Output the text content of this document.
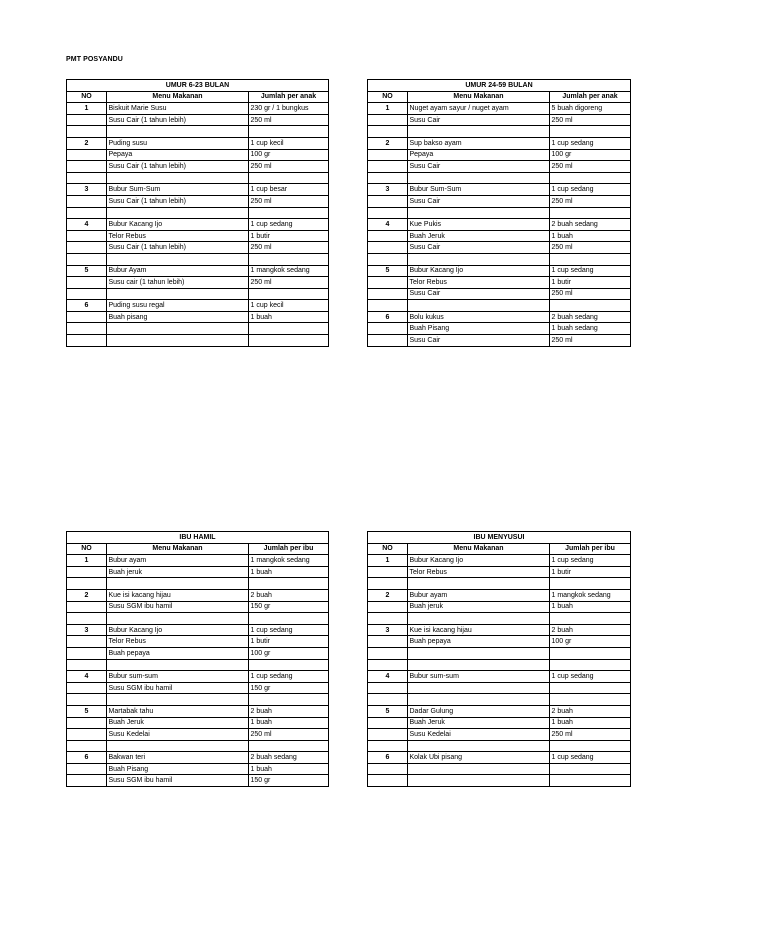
PMT POSYANDU
UMUR 6-23 BULAN		
NO	Menu Makanan	Jumlah per anak
1	Biskuit Marie Susu	230 gr / 1 bungkus
	Susu Cair (1 tahun lebih)	250 ml

2	Puding susu	1 cup kecil
	Pepaya	100 gr
	Susu Cair (1 tahun lebih)	250 ml

3	Bubur Sum-Sum	1 cup besar
	Susu Cair (1 tahun lebih)	250 ml

4	Bubur Kacang Ijo	1 cup sedang
	Telor Rebus	1 butir
	Susu Cair (1 tahun lebih)	250 ml

5	Bubur Ayam	1 mangkok sedang
	Susu cair (1 tahun lebih)	250 ml

6	Puding susu regal	1 cup kecil
	Buah pisang	1 buah

UMUR 24-59 BULAN		
NO	Menu Makanan	Jumlah per anak
1	Nuget ayam sayur / nuget ayam	5 buah digoreng
	Susu Cair	250 ml

2	Sup bakso ayam	1 cup sedang
	Pepaya	100 gr
	Susu Cair	250 ml

3	Bubur Sum-Sum	1 cup sedang
	Susu Cair	250 ml

4	Kue Pukis	2 buah sedang
	Buah Jeruk	1 buah
	Susu Cair	250 ml

5	Bubur Kacang Ijo	1 cup sedang
	Telor Rebus	1 butir
	Susu Cair	250 ml

6	Bolu kukus	2 buah sedang
	Buah Pisang	1 buah sedang
	Susu Cair	250 ml
IBU HAMIL		
NO	Menu Makanan	Jumlah per ibu
1	Bubur ayam	1 mangkok sedang
	Buah jeruk	1 buah

2	Kue isi kacang hijau	2 buah
	Susu SGM ibu hamil	150 gr

3	Bubur Kacang Ijo	1 cup sedang
	Telor Rebus	1 butir
	Buah pepaya	100 gr

4	Bubur sum-sum	1 cup sedang
	Susu SGM ibu hamil	150 gr

5	Martabak tahu	2 buah
	Buah Jeruk	1 buah
	Susu Kedelai	250 ml

6	Bakwan teri	2 buah sedang
	Buah Pisang	1 buah
	Susu SGM ibu hamil	150 gr
IBU MENYUSUI		
NO	Menu Makanan	Jumlah per ibu
1	Bubur Kacang Ijo	1 cup sedang
	Telor Rebus	1 butir

2	Bubur ayam	1 mangkok sedang
	Buah jeruk	1 buah

3	Kue isi kacang hijau	2 buah
	Buah pepaya	100 gr

4	Bubur sum-sum	1 cup sedang

5	Dadar Gulung	2 buah
	Buah Jeruk	1 buah
	Susu Kedelai	250 ml

6	Kolak Ubi pisang	1 cup sedang
